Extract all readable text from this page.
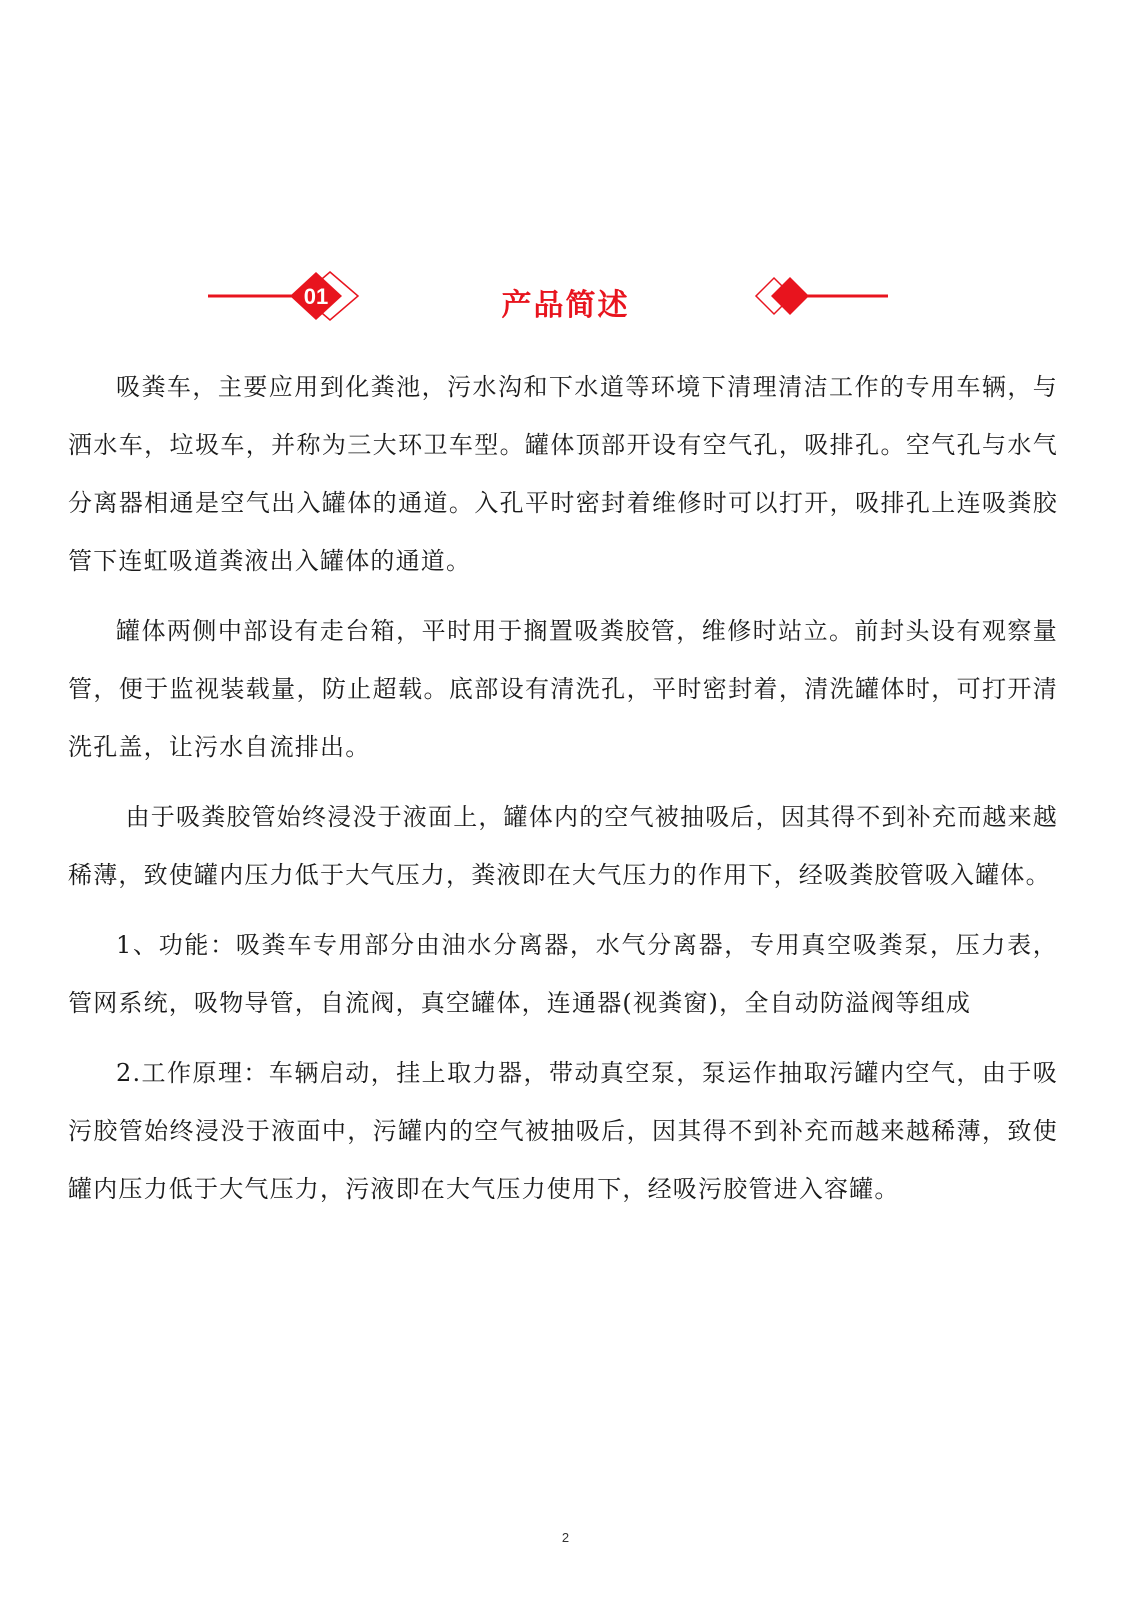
01	产品简述

吸粪车，主要应用到化粪池，污水沟和下水道等环境下清理清洁工作的专用车辆，与洒水车，垃圾车，并称为三大环卫车型。罐体顶部开设有空气孔，吸排孔。空气孔与水气分离器相通是空气出入罐体的通道。入孔平时密封着维修时可以打开，吸排孔上连吸粪胶管下连虹吸道粪液出入罐体的通道。

罐体两侧中部设有走台箱，平时用于搁置吸粪胶管，维修时站立。前封头设有观察量管，便于监视装载量，防止超载。底部设有清洗孔，平时密封着，清洗罐体时，可打开清洗孔盖，让污水自流排出。

由于吸粪胶管始终浸没于液面上，罐体内的空气被抽吸后，因其得不到补充而越来越稀薄，致使罐内压力低于大气压力，粪液即在大气压力的作用下，经吸粪胶管吸入罐体。

1、功能：吸粪车专用部分由油水分离器，水气分离器，专用真空吸粪泵，压力表，管网系统，吸物导管，自流阀，真空罐体，连通器(视粪窗)，全自动防溢阀等组成

2.工作原理：车辆启动，挂上取力器，带动真空泵，泵运作抽取污罐内空气，由于吸污胶管始终浸没于液面中，污罐内的空气被抽吸后，因其得不到补充而越来越稀薄，致使罐内压力低于大气压力，污液即在大气压力使用下，经吸污胶管进入容罐。

2
